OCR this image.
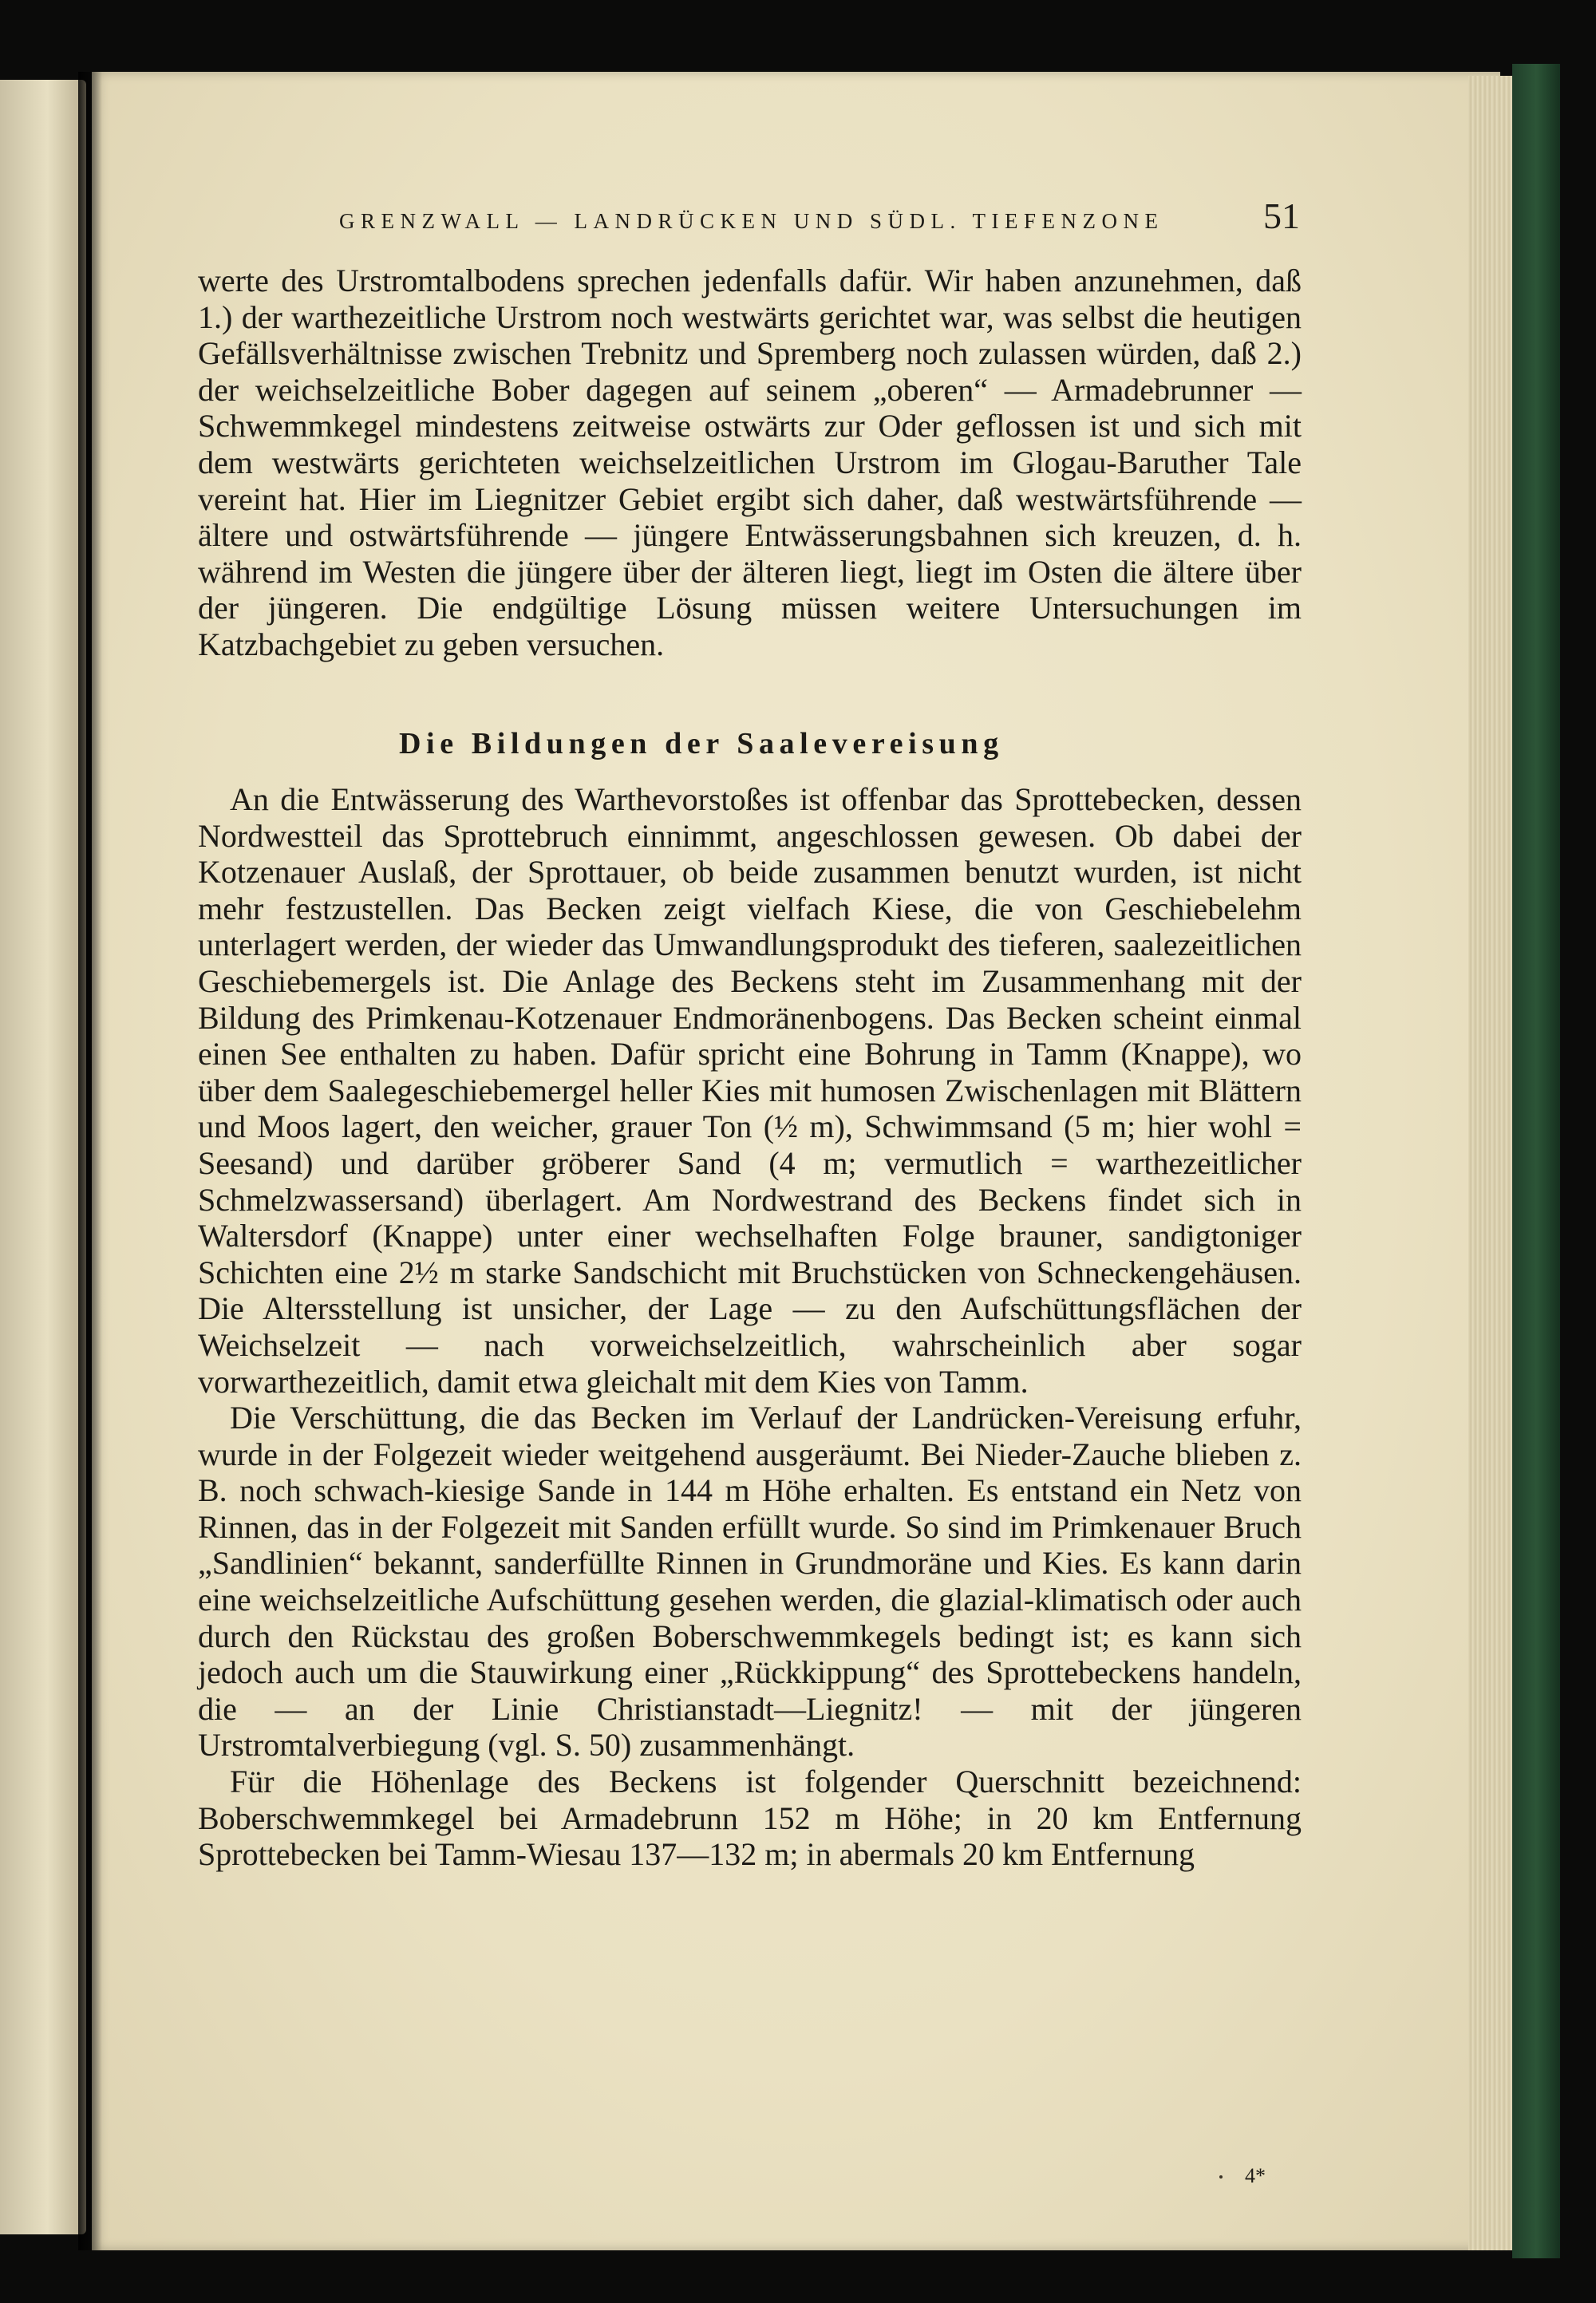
GRENZWALL — LANDRÜCKEN UND SÜDL. TIEFENZONE	51

werte des Urstromtalbodens sprechen jedenfalls dafür. Wir haben anzunehmen, daß 1.) der warthezeitliche Urstrom noch westwärts gerichtet war, was selbst die heutigen Gefällsverhältnisse zwischen Trebnitz und Spremberg noch zulassen würden, daß 2.) der weichselzeitliche Bober dagegen auf seinem „oberen“ — Armadebrunner — Schwemmkegel mindestens zeitweise ostwärts zur Oder geflossen ist und sich mit dem westwärts gerichteten weichselzeitlichen Urstrom im Glogau-Baruther Tale vereint hat. Hier im Liegnitzer Gebiet ergibt sich daher, daß westwärtsführende — ältere und ostwärtsführende — jüngere Entwässerungsbahnen sich kreuzen, d. h. während im Westen die jüngere über der älteren liegt, liegt im Osten die ältere über der jüngeren. Die endgültige Lösung müssen weitere Untersuchungen im Katzbachgebiet zu geben versuchen.

Die Bildungen der Saalevereisung

An die Entwässerung des Warthevorstoßes ist offenbar das Sprottebecken, dessen Nordwestteil das Sprottebruch einnimmt, angeschlossen gewesen. Ob dabei der Kotzenauer Auslaß, der Sprottauer, ob beide zusammen benutzt wurden, ist nicht mehr festzustellen. Das Becken zeigt vielfach Kiese, die von Geschiebelehm unterlagert werden, der wieder das Umwandlungsprodukt des tieferen, saalezeitlichen Geschiebemergels ist. Die Anlage des Beckens steht im Zusammenhang mit der Bildung des Primkenau-Kotzenauer Endmoränenbogens. Das Becken scheint einmal einen See enthalten zu haben. Dafür spricht eine Bohrung in Tamm (Knappe), wo über dem Saalegeschiebemergel heller Kies mit humosen Zwischenlagen mit Blättern und Moos lagert, den weicher, grauer Ton (½ m), Schwimmsand (5 m; hier wohl = Seesand) und darüber gröberer Sand (4 m; vermutlich = warthezeitlicher Schmelzwassersand) überlagert. Am Nordwestrand des Beckens findet sich in Waltersdorf (Knappe) unter einer wechselhaften Folge brauner, sandigtoniger Schichten eine 2½ m starke Sandschicht mit Bruchstücken von Schneckengehäusen. Die Altersstellung ist unsicher, der Lage — zu den Aufschüttungsflächen der Weichselzeit — nach vorweichselzeitlich, wahrscheinlich aber sogar vorwarthezeitlich, damit etwa gleichalt mit dem Kies von Tamm.

Die Verschüttung, die das Becken im Verlauf der Landrücken-Vereisung erfuhr, wurde in der Folgezeit wieder weitgehend ausgeräumt. Bei Nieder-Zauche blieben z. B. noch schwach-kiesige Sande in 144 m Höhe erhalten. Es entstand ein Netz von Rinnen, das in der Folgezeit mit Sanden erfüllt wurde. So sind im Primkenauer Bruch „Sandlinien“ bekannt, sanderfüllte Rinnen in Grundmoräne und Kies. Es kann darin eine weichselzeitliche Aufschüttung gesehen werden, die glazial-klimatisch oder auch durch den Rückstau des großen Boberschwemmkegels bedingt ist; es kann sich jedoch auch um die Stauwirkung einer „Rückkippung“ des Sprottebeckens handeln, die — an der Linie Christianstadt—Liegnitz! — mit der jüngeren Urstromtalverbiegung (vgl. S. 50) zusammenhängt.

Für die Höhenlage des Beckens ist folgender Querschnitt bezeichnend: Boberschwemmkegel bei Armadebrunn 152 m Höhe; in 20 km Entfernung Sprottebecken bei Tamm-Wiesau 137—132 m; in abermals 20 km Entfernung

4*
